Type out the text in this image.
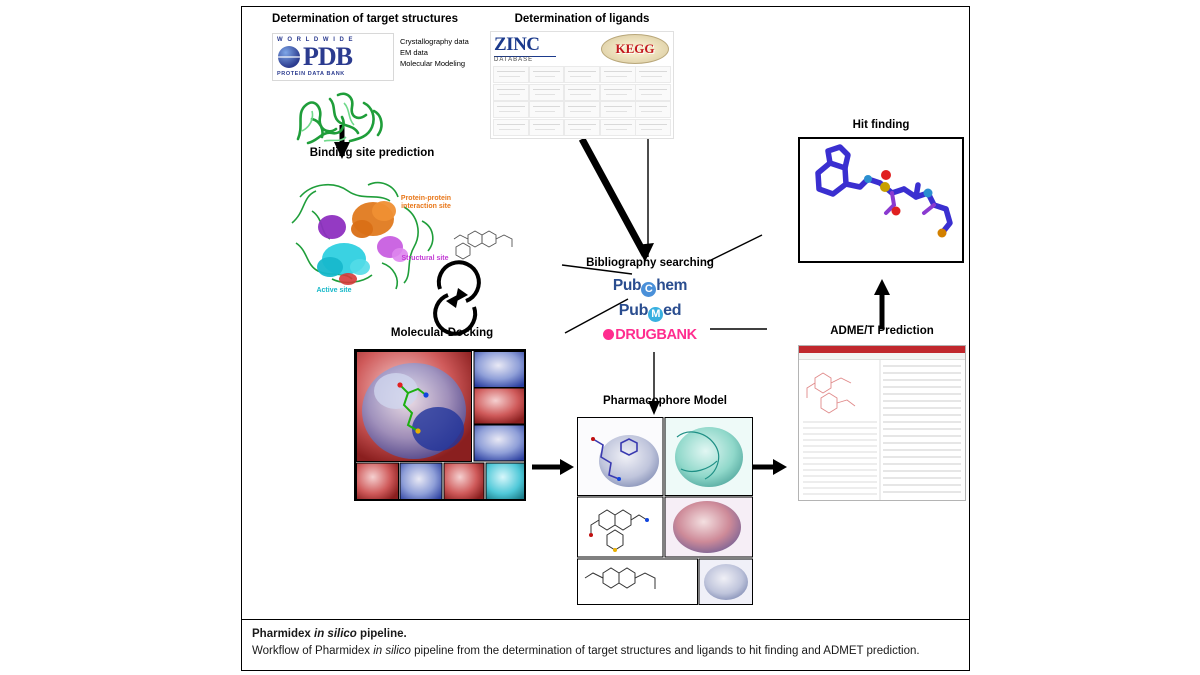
Determination of target structures
W O R L D W I D E
PDB
PROTEIN DATA BANK
Crystallography data
EM data
Molecular Modeling
Determination of ligands
ZINC
DATABASE
KEGG
Binding site prediction
Protein-protein
interaction site
Structural site
Active site
Bibliography searching
Pub C hem
Pub M ed
DRUGBANK
Molecular Docking
Pharmacophore Model
ADME/T Prediction
Hit finding
Pharmidex in silico pipeline.
Workflow of Pharmidex in silico pipeline from the determination of target structures and ligands to hit finding and ADMET prediction.
